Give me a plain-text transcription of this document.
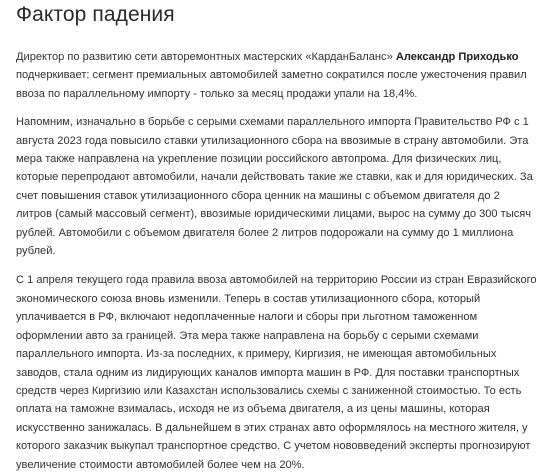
Фактор падения

Директор по развитию сети авторемонтных мастерских «КарданБаланс» Александр Приходько подчеркивает: сегмент премиальных автомобилей заметно сократился после ужесточения правил ввоза по параллельному импорту - только за месяц продажи упали на 18,4%.

Напомним, изначально в борьбе с серыми схемами параллельного импорта Правительство РФ с 1 августа 2023 года повысило ставки утилизационного сбора на ввозимые в страну автомобили. Эта мера также направлена на укрепление позиции российского автопрома. Для физических лиц, которые перепродают автомобили, начали действовать такие же ставки, как и для юридических. За счет повышения ставок утилизационного сбора ценник на машины с объемом двигателя до 2 литров (самый массовый сегмент), ввозимые юридическими лицами, вырос на сумму до 300 тысяч рублей. Автомобили с объемом двигателя более 2 литров подорожали на сумму до 1 миллиона рублей.

С 1 апреля текущего года правила ввоза автомобилей на территорию России из стран Евразийского экономического союза вновь изменили. Теперь в состав утилизационного сбора, который уплачивается в РФ, включают недоплаченные налоги и сборы при льготном таможенном оформлении авто за границей. Эта мера также направлена на борьбу с серыми схемами параллельного импорта. Из-за последних, к примеру, Киргизия, не имеющая автомобильных заводов, стала одним из лидирующих каналов импорта машин в РФ. Для поставки транспортных средств через Киргизию или Казахстан использовались схемы с заниженной стоимостью. То есть оплата на таможне взималась, исходя не из объема двигателя, а из цены машины, которая искусственно занижалась. В дальнейшем в этих странах авто оформлялось на местного жителя, у которого заказчик выкупал транспортное средство. С учетом нововведений эксперты прогнозируют увеличение стоимости автомобилей более чем на 20%.
